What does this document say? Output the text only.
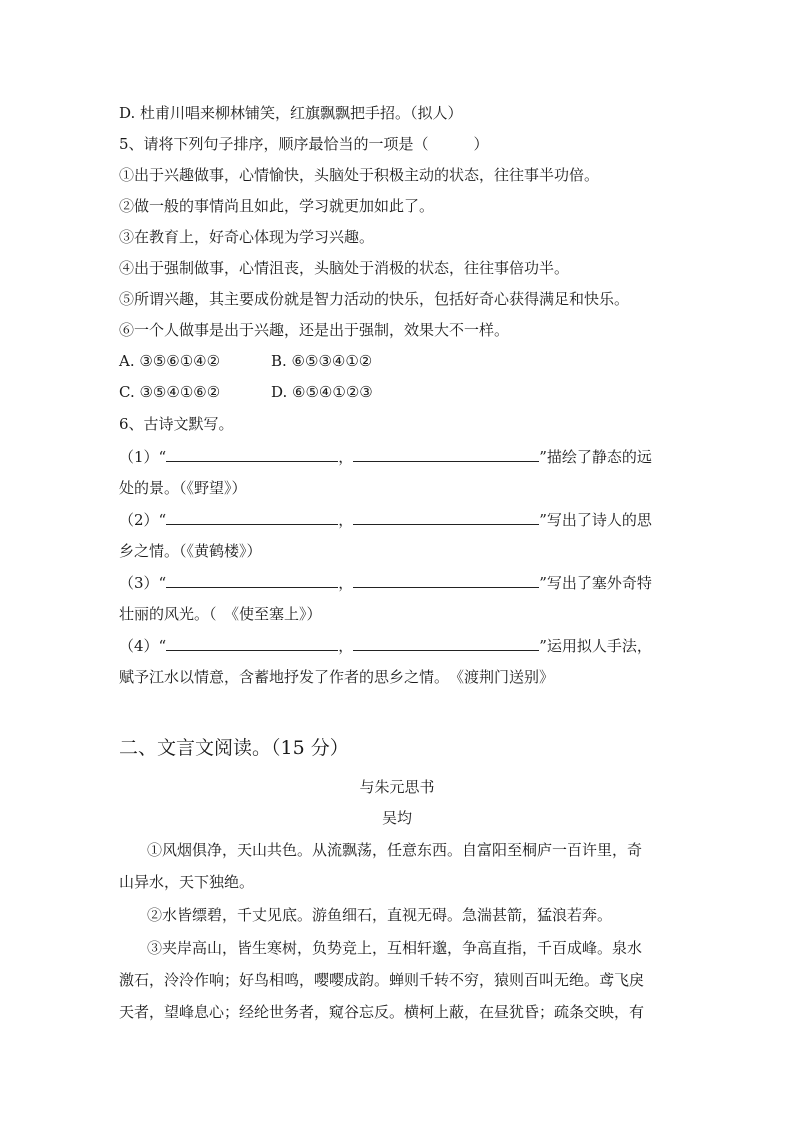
D. 杜甫川唱来柳林铺笑，红旗飘飘把手招。（拟人）
5、请将下列句子排序，顺序最恰当的一项是（　　　）
①出于兴趣做事，心情愉快，头脑处于积极主动的状态，往往事半功倍。
②做一般的事情尚且如此，学习就更加如此了。
③在教育上，好奇心体现为学习兴趣。
④出于强制做事，心情沮丧，头脑处于消极的状态，往往事倍功半。
⑤所谓兴趣，其主要成份就是智力活动的快乐，包括好奇心获得满足和快乐。
⑥一个人做事是出于兴趣，还是出于强制，效果大不一样。
A. ③⑤⑥①④②	B. ⑥⑤③④①②
C. ③⑤④①⑥②	D. ⑥⑤④①②③
6、古诗文默写。
（1）“	，	”描绘了静态的远
处的景。（《野望》）
（2）“	，	”写出了诗人的思
乡之情。（《黄鹤楼》）
（3）“	，	”写出了塞外奇特
壮丽的风光。（　《使至塞上》）
（4）“	，	”运用拟人手法，
赋予江水以情意，含蓄地抒发了作者的思乡之情。　《渡荆门送别》
二、文言文阅读。（15 分）
与朱元思书
吴均
①风烟俱净，天山共色。从流飘荡，任意东西。自富阳至桐庐一百许里，奇
山异水，天下独绝。
②水皆缥碧，千丈见底。游鱼细石，直视无碍。急湍甚箭，猛浪若奔。
③夹岸高山，皆生寒树，负势竞上，互相轩邈，争高直指，千百成峰。泉水
激石，泠泠作响；好鸟相鸣，嘤嘤成韵。蝉则千转不穷，猿则百叫无绝。鸢飞戾
天者，望峰息心；经纶世务者，窥谷忘反。横柯上蔽，在昼犹昏；疏条交映，有
